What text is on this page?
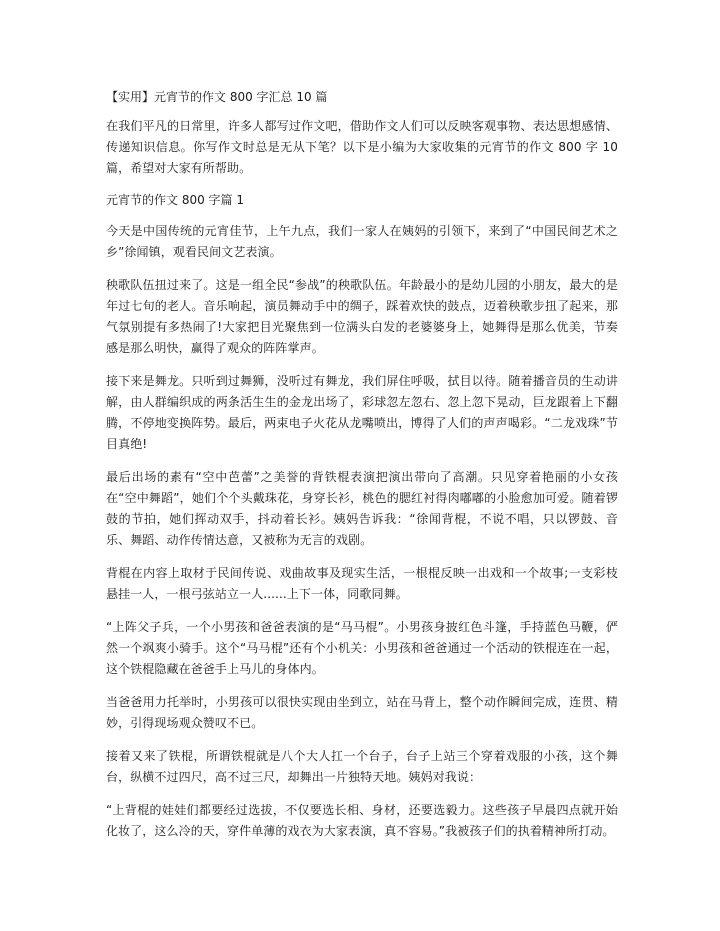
【实用】元宵节的作文 800 字汇总 10 篇

在我们平凡的日常里，许多人都写过作文吧，借助作文人们可以反映客观事物、表达思想感情、传递知识信息。你写作文时总是无从下笔？以下是小编为大家收集的元宵节的作文 800 字 10 篇，希望对大家有所帮助。

元宵节的作文 800 字篇 1

今天是中国传统的元宵佳节，上午九点，我们一家人在姨妈的引领下，来到了“中国民间艺术之乡”徐闻镇，观看民间文艺表演。

秧歌队伍扭过来了。这是一组全民“参战”的秧歌队伍。年龄最小的是幼儿园的小朋友，最大的是年过七旬的老人。音乐响起，演员舞动手中的绸子，踩着欢快的鼓点，迈着秧歌步扭了起来，那气氛别提有多热闹了!大家把目光聚焦到一位满头白发的老婆婆身上，她舞得是那么优美，节奏感是那么明快，赢得了观众的阵阵掌声。

接下来是舞龙。只听到过舞狮，没听过有舞龙，我们屏住呼吸，拭目以待。随着播音员的生动讲解，由人群编织成的两条活生生的金龙出场了，彩球忽左忽右、忽上忽下晃动，巨龙跟着上下翻腾，不停地变换阵势。最后，两束电子火花从龙嘴喷出，博得了人们的声声喝彩。“二龙戏珠”节目真绝!

最后出场的素有“空中芭蕾”之美誉的背铁棍表演把演出带向了高潮。只见穿着艳丽的小女孩在“空中舞蹈”，她们个个头戴珠花，身穿长衫，桃色的腮红衬得肉嘟嘟的小脸愈加可爱。随着锣鼓的节拍，她们挥动双手，抖动着长衫。姨妈告诉我：“徐闻背棍，不说不唱，只以锣鼓、音乐、舞蹈、动作传情达意，又被称为无言的戏剧。

背棍在内容上取材于民间传说、戏曲故事及现实生活，一根棍反映一出戏和一个故事;一支彩枝悬挂一人，一根弓弦站立一人......上下一体，同歌同舞。

“上阵父子兵，一个小男孩和爸爸表演的是“马马棍”。小男孩身披红色斗篷，手持蓝色马鞭，俨然一个飒爽小骑手。这个“马马棍”还有个小机关：小男孩和爸爸通过一个活动的铁棍连在一起，这个铁棍隐藏在爸爸手上马儿的身体内。

当爸爸用力托举时，小男孩可以很快实现由坐到立，站在马背上，整个动作瞬间完成，连贯、精妙，引得现场观众赞叹不已。

接着又来了铁棍，所谓铁棍就是八个大人扛一个台子，台子上站三个穿着戏服的小孩，这个舞台，纵横不过四尺，高不过三尺，却舞出一片独特天地。姨妈对我说：

“上背棍的娃娃们都要经过选拔，不仅要选长相、身材，还要选毅力。这些孩子早晨四点就开始化妆了，这么冷的天，穿件单薄的戏衣为大家表演，真不容易。”我被孩子们的执着精神所打动。
